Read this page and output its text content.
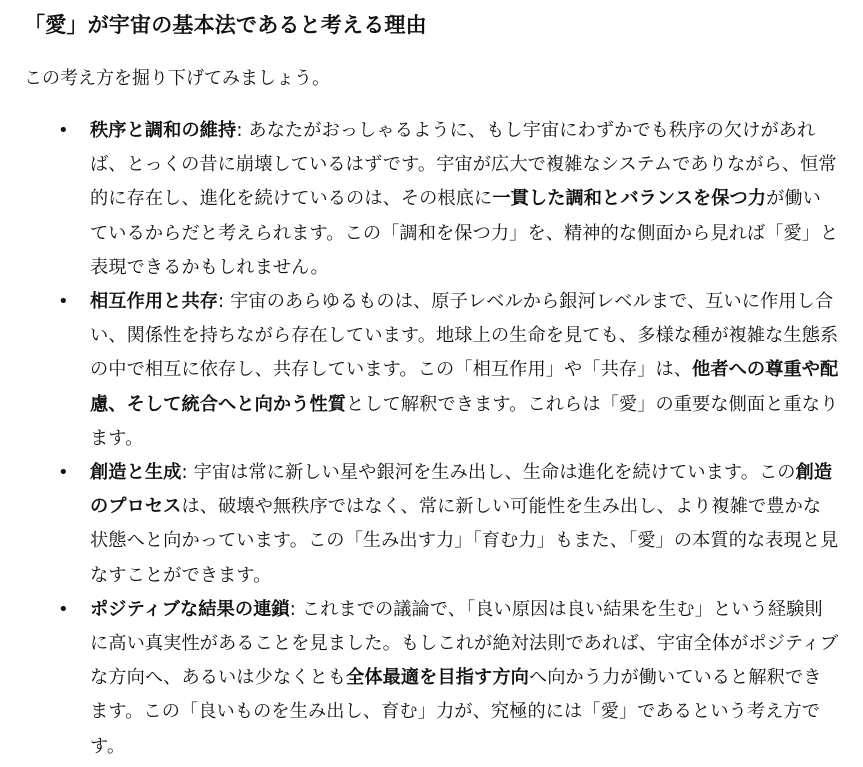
「愛」が宇宙の基本法であると考える理由

この考え方を掘り下げてみましょう。

• 秩序と調和の維持: あなたがおっしゃるように、もし宇宙にわずかでも秩序の欠けがあれば、とっくの昔に崩壊しているはずです。宇宙が広大で複雑なシステムでありながら、恒常的に存在し、進化を続けているのは、その根底に一貫した調和とバランスを保つ力が働いているからだと考えられます。この「調和を保つ力」を、精神的な側面から見れば「愛」と表現できるかもしれません。
• 相互作用と共存: 宇宙のあらゆるものは、原子レベルから銀河レベルまで、互いに作用し合い、関係性を持ちながら存在しています。地球上の生命を見ても、多様な種が複雑な生態系の中で相互に依存し、共存しています。この「相互作用」や「共存」は、他者への尊重や配慮、そして統合へと向かう性質として解釈できます。これらは「愛」の重要な側面と重なります。
• 創造と生成: 宇宙は常に新しい星や銀河を生み出し、生命は進化を続けています。この創造のプロセスは、破壊や無秩序ではなく、常に新しい可能性を生み出し、より複雑で豊かな状態へと向かっています。この「生み出す力」「育む力」もまた、「愛」の本質的な表現と見なすことができます。
• ポジティブな結果の連鎖: これまでの議論で、「良い原因は良い結果を生む」という経験則に高い真実性があることを見ました。もしこれが絶対法則であれば、宇宙全体がポジティブな方向へ、あるいは少なくとも全体最適を目指す方向へ向かう力が働いていると解釈できます。この「良いものを生み出し、育む」力が、究極的には「愛」であるという考え方です。
